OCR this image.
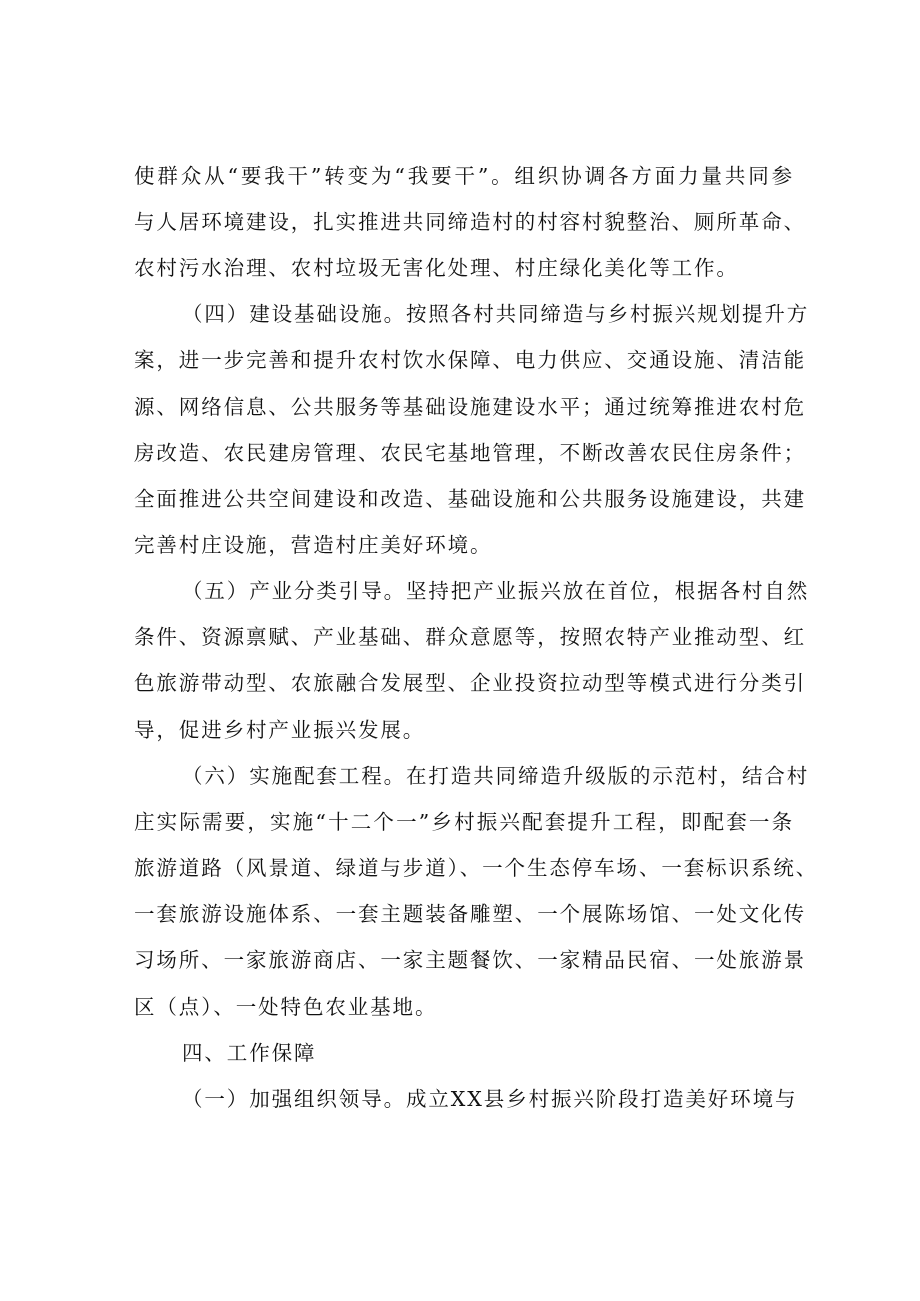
使群众从“要我干”转变为“我要干”。组织协调各方面力量共同参
与人居环境建设，扎实推进共同缔造村的村容村貌整治、厕所革命、
农村污水治理、农村垃圾无害化处理、村庄绿化美化等工作。
（四）建设基础设施。按照各村共同缔造与乡村振兴规划提升方
案，进一步完善和提升农村饮水保障、电力供应、交通设施、清洁能
源、网络信息、公共服务等基础设施建设水平；通过统筹推进农村危
房改造、农民建房管理、农民宅基地管理，不断改善农民住房条件；
全面推进公共空间建设和改造、基础设施和公共服务设施建设，共建
完善村庄设施，营造村庄美好环境。
（五）产业分类引导。坚持把产业振兴放在首位，根据各村自然
条件、资源禀赋、产业基础、群众意愿等，按照农特产业推动型、红
色旅游带动型、农旅融合发展型、企业投资拉动型等模式进行分类引
导，促进乡村产业振兴发展。
（六）实施配套工程。在打造共同缔造升级版的示范村，结合村
庄实际需要，实施“十二个一”乡村振兴配套提升工程，即配套一条
旅游道路（风景道、绿道与步道）、一个生态停车场、一套标识系统、
一套旅游设施体系、一套主题装备雕塑、一个展陈场馆、一处文化传
习场所、一家旅游商店、一家主题餐饮、一家精品民宿、一处旅游景
区（点）、一处特色农业基地。
四、工作保障
（一）加强组织领导。成立XX县乡村振兴阶段打造美好环境与
